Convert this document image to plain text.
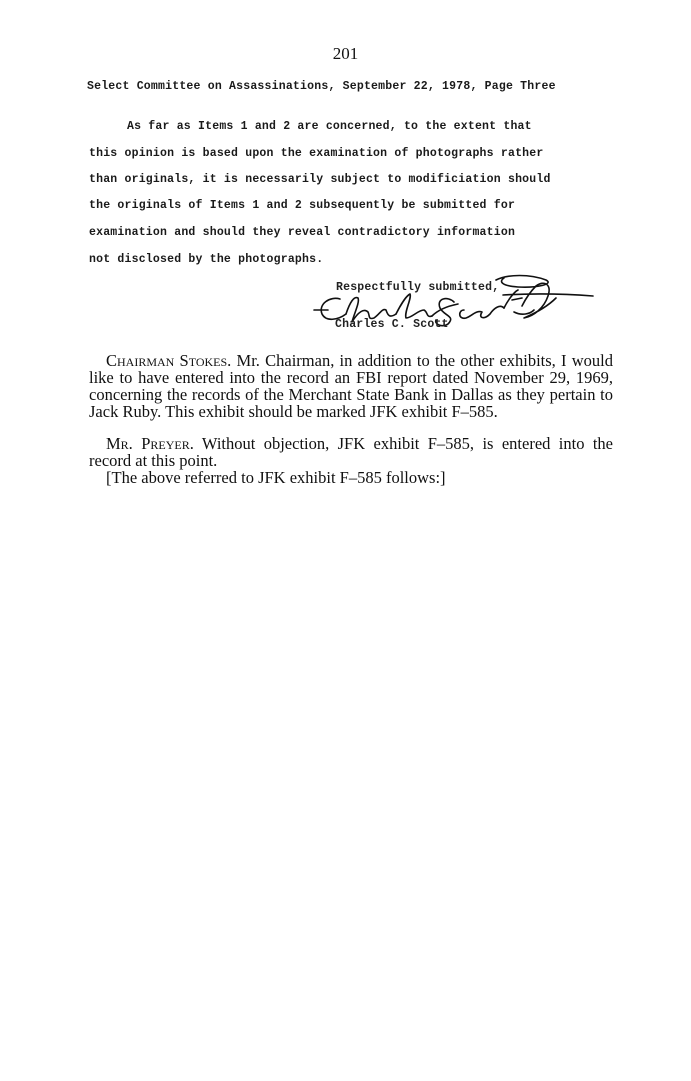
201
Select Committee on Assassinations, September 22, 1978, Page Three
As far as Items 1 and 2 are concerned, to the extent that
this opinion is based upon the examination of photographs rather
than originals, it is necessarily subject to modificiation should
the originals of Items 1 and 2 subsequently be submitted for
examination and should they reveal contradictory information
not disclosed by the photographs.
Respectfully submitted,
Charles C Scott
Charles C. Scott
Chairman Stokes. Mr. Chairman, in addition to the other exhibits, I would like to have entered into the record an FBI report dated November 29, 1969, concerning the records of the Merchant State Bank in Dallas as they pertain to Jack Ruby. This exhibit should be marked JFK exhibit F–585.
Mr. Preyer. Without objection, JFK exhibit F–585, is entered into the record at this point.
[The above referred to JFK exhibit F–585 follows:]
